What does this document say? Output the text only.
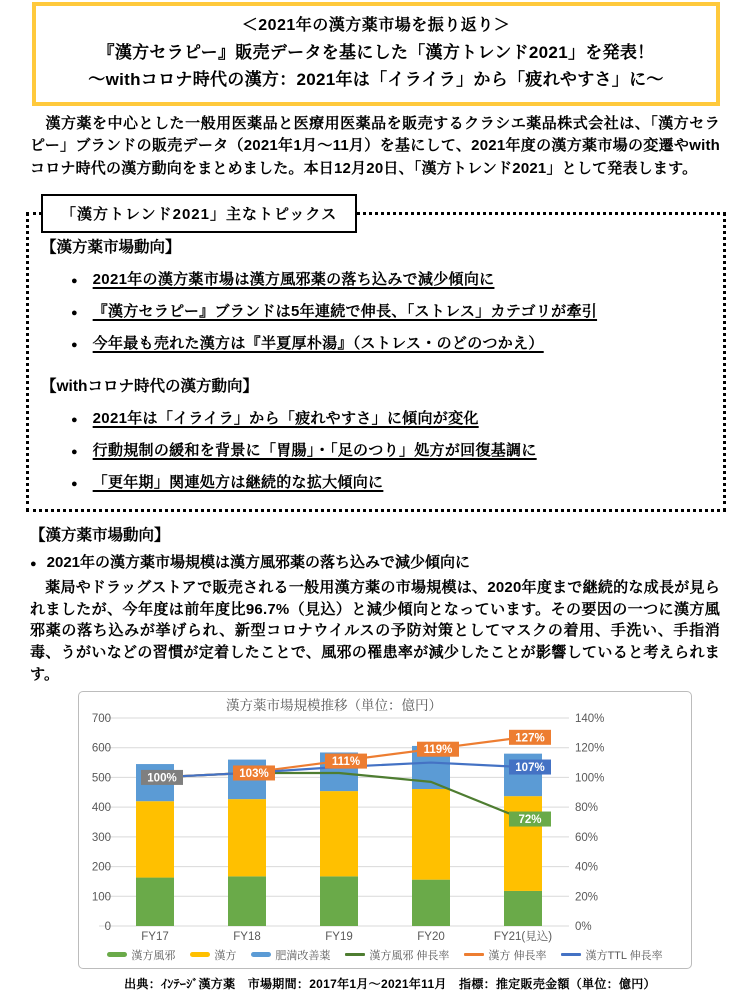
＜2021年の漢方薬市場を振り返り＞
『漢方セラピー』販売データを基にした「漢方トレンド2021」を発表！
～withコロナ時代の漢方：2021年は「イライラ」から「疲れやすさ」に～

　漢方薬を中心とした一般用医薬品と医療用医薬品を販売するクラシエ薬品株式会社は、「漢方セラピー」ブランドの販売データ（2021年1月～11月）を基にして、2021年度の漢方薬市場の変遷やwithコロナ時代の漢方動向をまとめました。本日12月20日、「漢方トレンド2021」として発表します。

「漢方トレンド2021」主なトピックス
【漢方薬市場動向】
● 2021年の漢方薬市場は漢方風邪薬の落ち込みで減少傾向に
● 『漢方セラピー』ブランドは5年連続で伸長、「ストレス」カテゴリが牽引
● 今年最も売れた漢方は『半夏厚朴湯』（ストレス・のどのつかえ）
【withコロナ時代の漢方動向】
● 2021年は「イライラ」から「疲れやすさ」に傾向が変化
● 行動規制の緩和を背景に「胃腸」・「足のつり」処方が回復基調に
● 「更年期」関連処方は継続的な拡大傾向に
【漢方薬市場動向】
● 2021年の漢方薬市場規模は漢方風邪薬の落ち込みで減少傾向に
　薬局やドラッグストアで販売される一般用漢方薬の市場規模は、2020年度まで継続的な成長が見られましたが、今年度は前年度比96.7%（見込）と減少傾向となっています。その要因の一つに漢方風邪薬の落ち込みが挙げられ、新型コロナウイルスの予防対策としてマスクの着用、手洗い、手指消毒、うがいなどの習慣が定着したことで、風邪の罹患率が減少したことが影響していると考えられます。
漢方薬市場規模推移（単位：億円）
0
100
200
300
400
500
600
700
0%
20%
40%
60%
80%
100%
120%
140%
FY17	FY18	FY19	FY20	FY21(見込)
100%	103%
111%
119%
127%
107%
72%
漢方風邪	漢方	肥満改善薬	漢方風邪 伸長率	漢方 伸長率	漢方TTL 伸長率
出典：ｲﾝﾃｰｼﾞ漢方薬　市場期間：2017年1月～2021年11月　指標：推定販売金額（単位：億円）
